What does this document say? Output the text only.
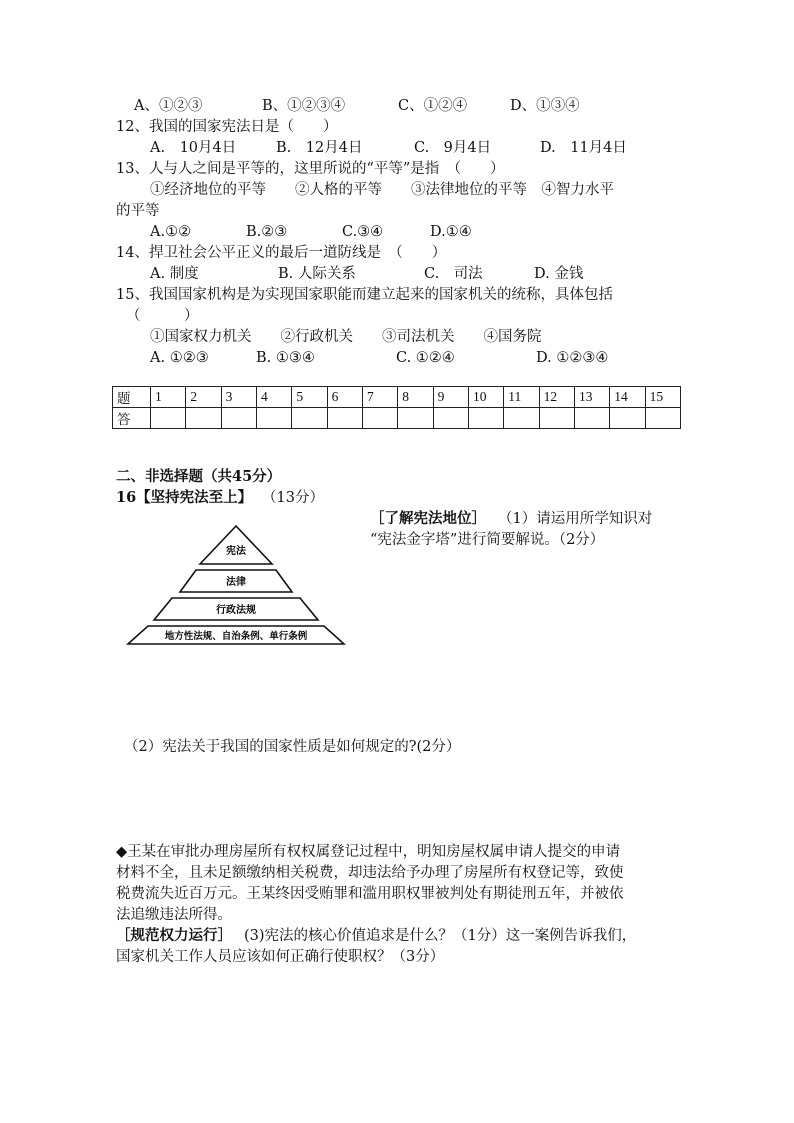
A、①②③	B、①②③④	C、①②④	D、①③④
12、我国的国家宪法日是（　　）
A.　10月4日	B.　12月4日	C.　9月4日	D.　11月4日
13、人与人之间是平等的，这里所说的“平等”是指　（　　）
①经济地位的平等　　②人格的平等　　③法律地位的平等　④智力水平
的平等
A.①②	B.②③	C.③④	D.①④
14、捍卫社会公平正义的最后一道防线是　（　　）
A. 制度	B. 人际关系	C.　司法	D. 金钱
15、我国国家机构是为实现国家职能而建立起来的国家机关的统称，具体包括
（　　　）
①国家权力机关　　②行政机关　　③司法机关　　④国务院
A. ①②③	B. ①③④	C. ①②④	D. ①②③④
题	1	2	3	4	5	6	7	8	9	10	11	12	13	14	15
答															
二、非选择题（共45分）
16【坚持宪法至上】 （13分）
［了解宪法地位］ （1）请运用所学知识对
“宪法金字塔”进行简要解说。（2分）
宪法
法律
行政法规
地方性法规、自治条例、单行条例
（2）宪法关于我国的国家性质是如何规定的?(2分）
◆王某在审批办理房屋所有权权属登记过程中，明知房屋权属申请人提交的申请
材料不全，且未足额缴纳相关税费，却违法给予办理了房屋所有权登记等，致使
税费流失近百万元。王某终因受贿罪和滥用职权罪被判处有期徒刑五年，并被依
法追缴违法所得。
［规范权力运行］ (3)宪法的核心价值追求是什么？（1分）这一案例告诉我们，
国家机关工作人员应该如何正确行使职权？（3分）
